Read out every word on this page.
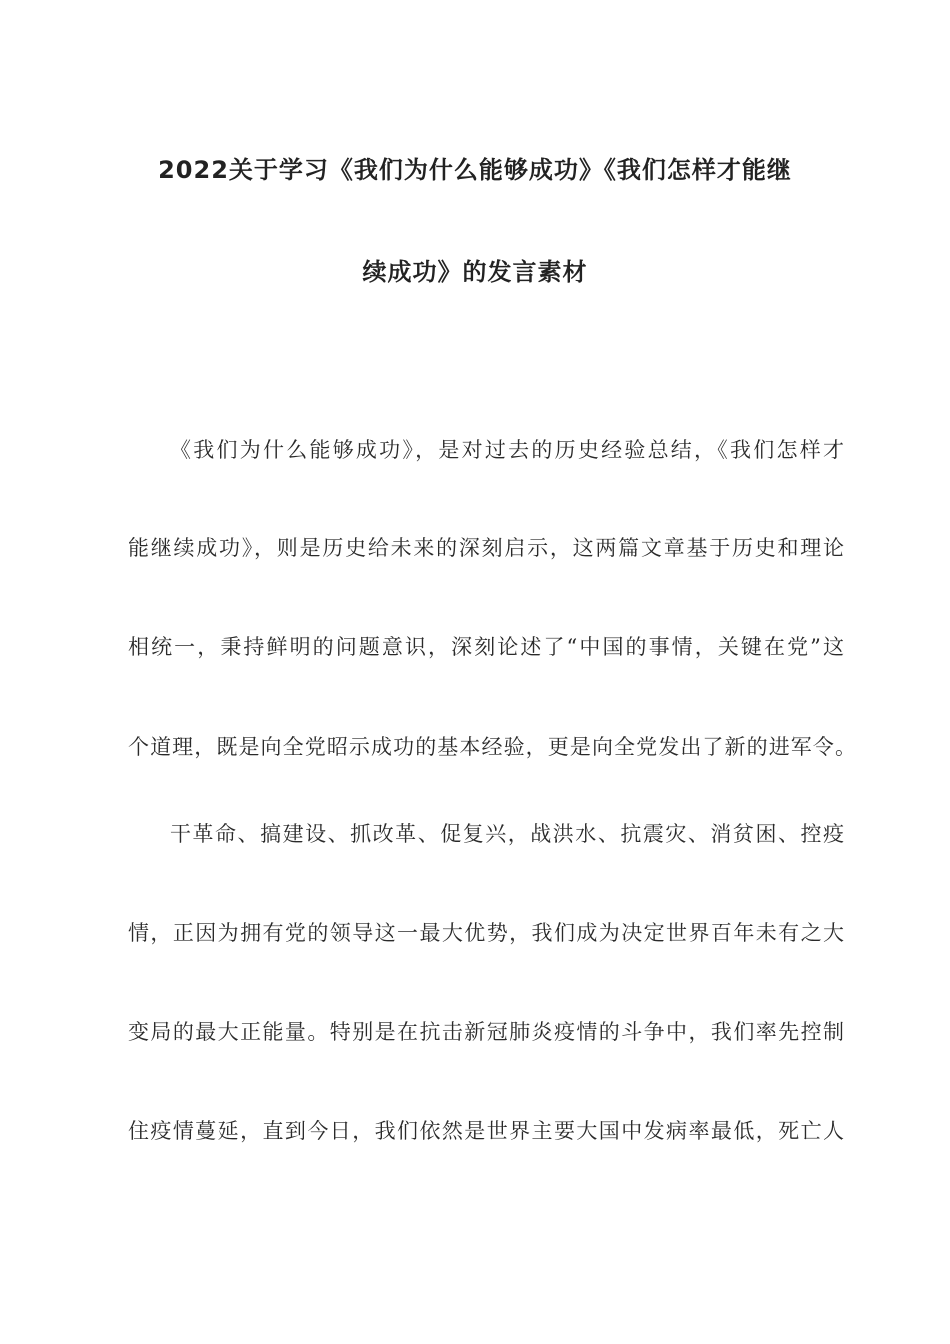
2022关于学习《我们为什么能够成功》《我们怎样才能继
续成功》的发言素材
《我们为什么能够成功》，是对过去的历史经验总结，《我们怎样才
能继续成功》，则是历史给未来的深刻启示，这两篇文章基于历史和理论
相统一，秉持鲜明的问题意识，深刻论述了“中国的事情，关键在党”这
个道理，既是向全党昭示成功的基本经验，更是向全党发出了新的进军令。
干革命、搞建设、抓改革、促复兴，战洪水、抗震灾、消贫困、控疫
情，正因为拥有党的领导这一最大优势，我们成为决定世界百年未有之大
变局的最大正能量。特别是在抗击新冠肺炎疫情的斗争中，我们率先控制
住疫情蔓延，直到今日，我们依然是世界主要大国中发病率最低，死亡人
